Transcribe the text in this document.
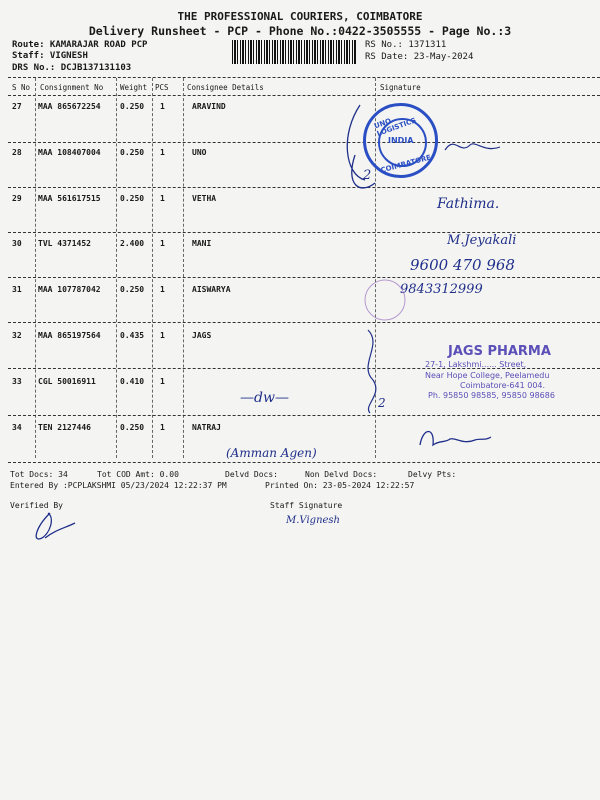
THE PROFESSIONAL COURIERS, COIMBATORE
Delivery Runsheet - PCP - Phone No.:0422-3505555 - Page No.:3
Route: KAMARAJAR ROAD PCP
Staff: VIGNESH
DRS No.: DCJB137131103
RS No.: 1371311
RS Date: 23-May-2024
S No Consignment No Weight PCS Consignee Details	Signature
27 MAA 865672254 0.250 1	ARAVIND
28 MAA 108407004 0.250 1	UNO
29 MAA 561617515 0.250 1	VETHA
30 TVL 4371452	2.400 1	MANI
31 MAA 107787042 0.250 1	AISWARYA
32 MAA 865197564 0.435 1	JAGS
33 CGL 50016911	0.410 1
34 TEN 2127446	0.250 1	NATRAJ
UNO LOGISTICS
INDIA
COIMBATORE
2
Fathima.
M.Jeyakali
9600 470 968
9843312999
JAGS PHARMA
27-1, Lakshmi...... Street,
Near Hope College, Peelamedu
Coimbatore-641 004.
Ph. 95850 98585, 95850 98686
—dw—	2
(Amman Agen)
Tot Docs: 34	Tot COD Amt: 0.00	Delvd Docs:	Non Delvd Docs:	Delvy Pts:
Entered By :PCPLAKSHMI 05/23/2024 12:22:37 PM	Printed On: 23-05-2024 12:22:57
Verified By	Staff Signature
M.Vignesh
